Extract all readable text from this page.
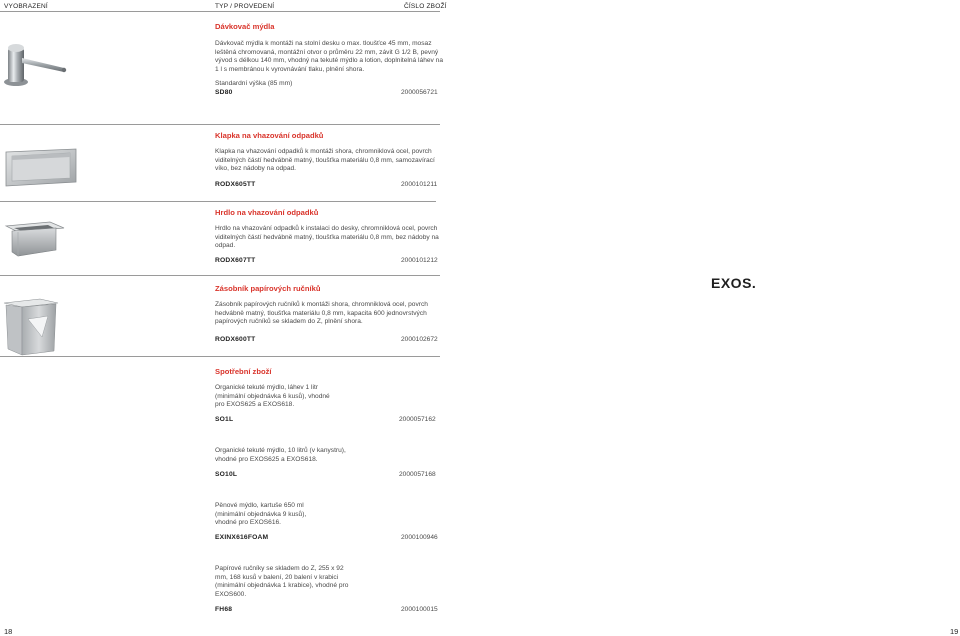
VYOBRAZENÍ	TYP / PROVEDENÍ	ČÍSLO ZBOŽÍ
Dávkovač mýdla
Dávkovač mýdla k montáži na stolní desku o max. tloušťce 45 mm, mosaz leštěná chromovaná, montážní otvor o průměru 22 mm, závit G 1/2 B, pevný vývod s délkou 140 mm, vhodný na tekuté mýdlo a lotion, doplnitelná láhev na 1 l s membránou k vyrovnávání tlaku, plnění shora.
Standardní výška (85 mm)
SD80	2000056721
Klapka na vhazování odpadků
Klapka na vhazování odpadků k montáži shora, chromniklová ocel, povrch viditelných částí hedvábně matný, tloušťka materiálu 0,8 mm, samozavírací víko, bez nádoby na odpad.
RODX605TT	2000101211
Hrdlo na vhazování odpadků
Hrdlo na vhazování odpadků k instalaci do desky, chromniklová ocel, povrch viditelných částí hedvábně matný, tloušťka materiálu 0,8 mm, bez nádoby na odpad.
RODX607TT	2000101212
Zásobník papírových ručníků
Zásobník papírových ručníků k montáži shora, chromniklová ocel, povrch hedvábně matný, tloušťka materiálu 0,8 mm, kapacita 600 jednovrstvých papírových ručníků se skladem do Z, plnění shora.
RODX600TT	2000102672
Spotřební zboží
Organické tekuté mýdlo, láhev 1 litr (minimální objednávka 6 kusů), vhodné pro EXOS625 a EXOS618.
SO1L	2000057162
Organické tekuté mýdlo, 10 litrů (v kanystru), vhodné pro EXOS625 a EXOS618.
SO10L	2000057168
Pěnové mýdlo, kartuše 650 ml (minimální objednávka 9 kusů), vhodné pro EXOS616.
EXINX616FOAM	2000100946
Papírové ručníky se skladem do Z, 255 x 92 mm, 168 kusů v balení, 20 balení v krabici (minimální objednávka 1 krabice), vhodné pro EXOS600.
FH68	2000100015
EXOS.
18	19
